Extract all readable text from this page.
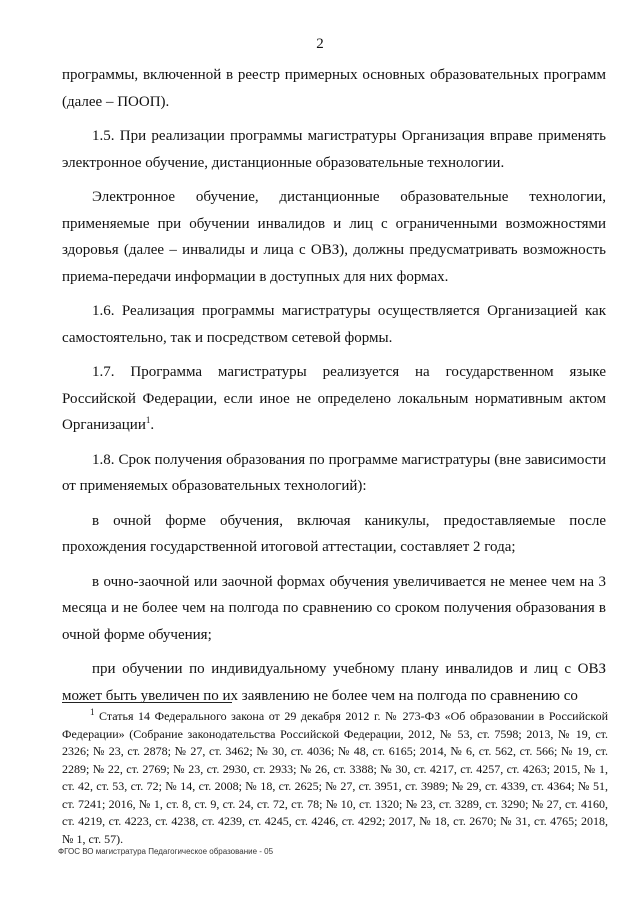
2

программы, включенной в реестр примерных основных образовательных программ (далее – ПООП).

1.5. При реализации программы магистратуры Организация вправе применять электронное обучение, дистанционные образовательные технологии.

Электронное обучение, дистанционные образовательные технологии, применяемые при обучении инвалидов и лиц с ограниченными возможностями здоровья (далее – инвалиды и лица с ОВЗ), должны предусматривать возможность приема-передачи информации в доступных для них формах.

1.6. Реализация программы магистратуры осуществляется Организацией как самостоятельно, так и посредством сетевой формы.

1.7. Программа магистратуры реализуется на государственном языке Российской Федерации, если иное не определено локальным нормативным актом Организации$^1$.

1.8. Срок получения образования по программе магистратуры (вне зависимости от применяемых образовательных технологий):

в очной форме обучения, включая каникулы, предоставляемые после прохождения государственной итоговой аттестации, составляет 2 года;

в очно-заочной или заочной формах обучения увеличивается не менее чем на 3 месяца и не более чем на полгода по сравнению со сроком получения образования в очной форме обучения;

при обучении по индивидуальному учебному плану инвалидов и лиц с ОВЗ может быть увеличен по их заявлению не более чем на полгода по сравнению со

$^1$ Статья 14 Федерального закона от 29 декабря 2012 г. № 273-ФЗ «Об образовании в Российской Федерации» (Собрание законодательства Российской Федерации, 2012, № 53, ст. 7598; 2013, № 19, ст. 2326; № 23, ст. 2878; № 27, ст. 3462; № 30, ст. 4036; № 48, ст. 6165; 2014, № 6, ст. 562, ст. 566; № 19, ст. 2289; № 22, ст. 2769; № 23, ст. 2930, ст. 2933; № 26, ст. 3388; № 30, ст. 4217, ст. 4257, ст. 4263; 2015, № 1, ст. 42, ст. 53, ст. 72; № 14, ст. 2008; № 18, ст. 2625; № 27, ст. 3951, ст. 3989; № 29, ст. 4339, ст. 4364; № 51, ст. 7241; 2016, № 1, ст. 8, ст. 9, ст. 24, ст. 72, ст. 78; № 10, ст. 1320; № 23, ст. 3289, ст. 3290; № 27, ст. 4160, ст. 4219, ст. 4223, ст. 4238, ст. 4239, ст. 4245, ст. 4246, ст. 4292; 2017, № 18, ст. 2670; № 31, ст. 4765; 2018, № 1, ст. 57).

ФГОС ВО магистратура Педагогическое образование - 05
